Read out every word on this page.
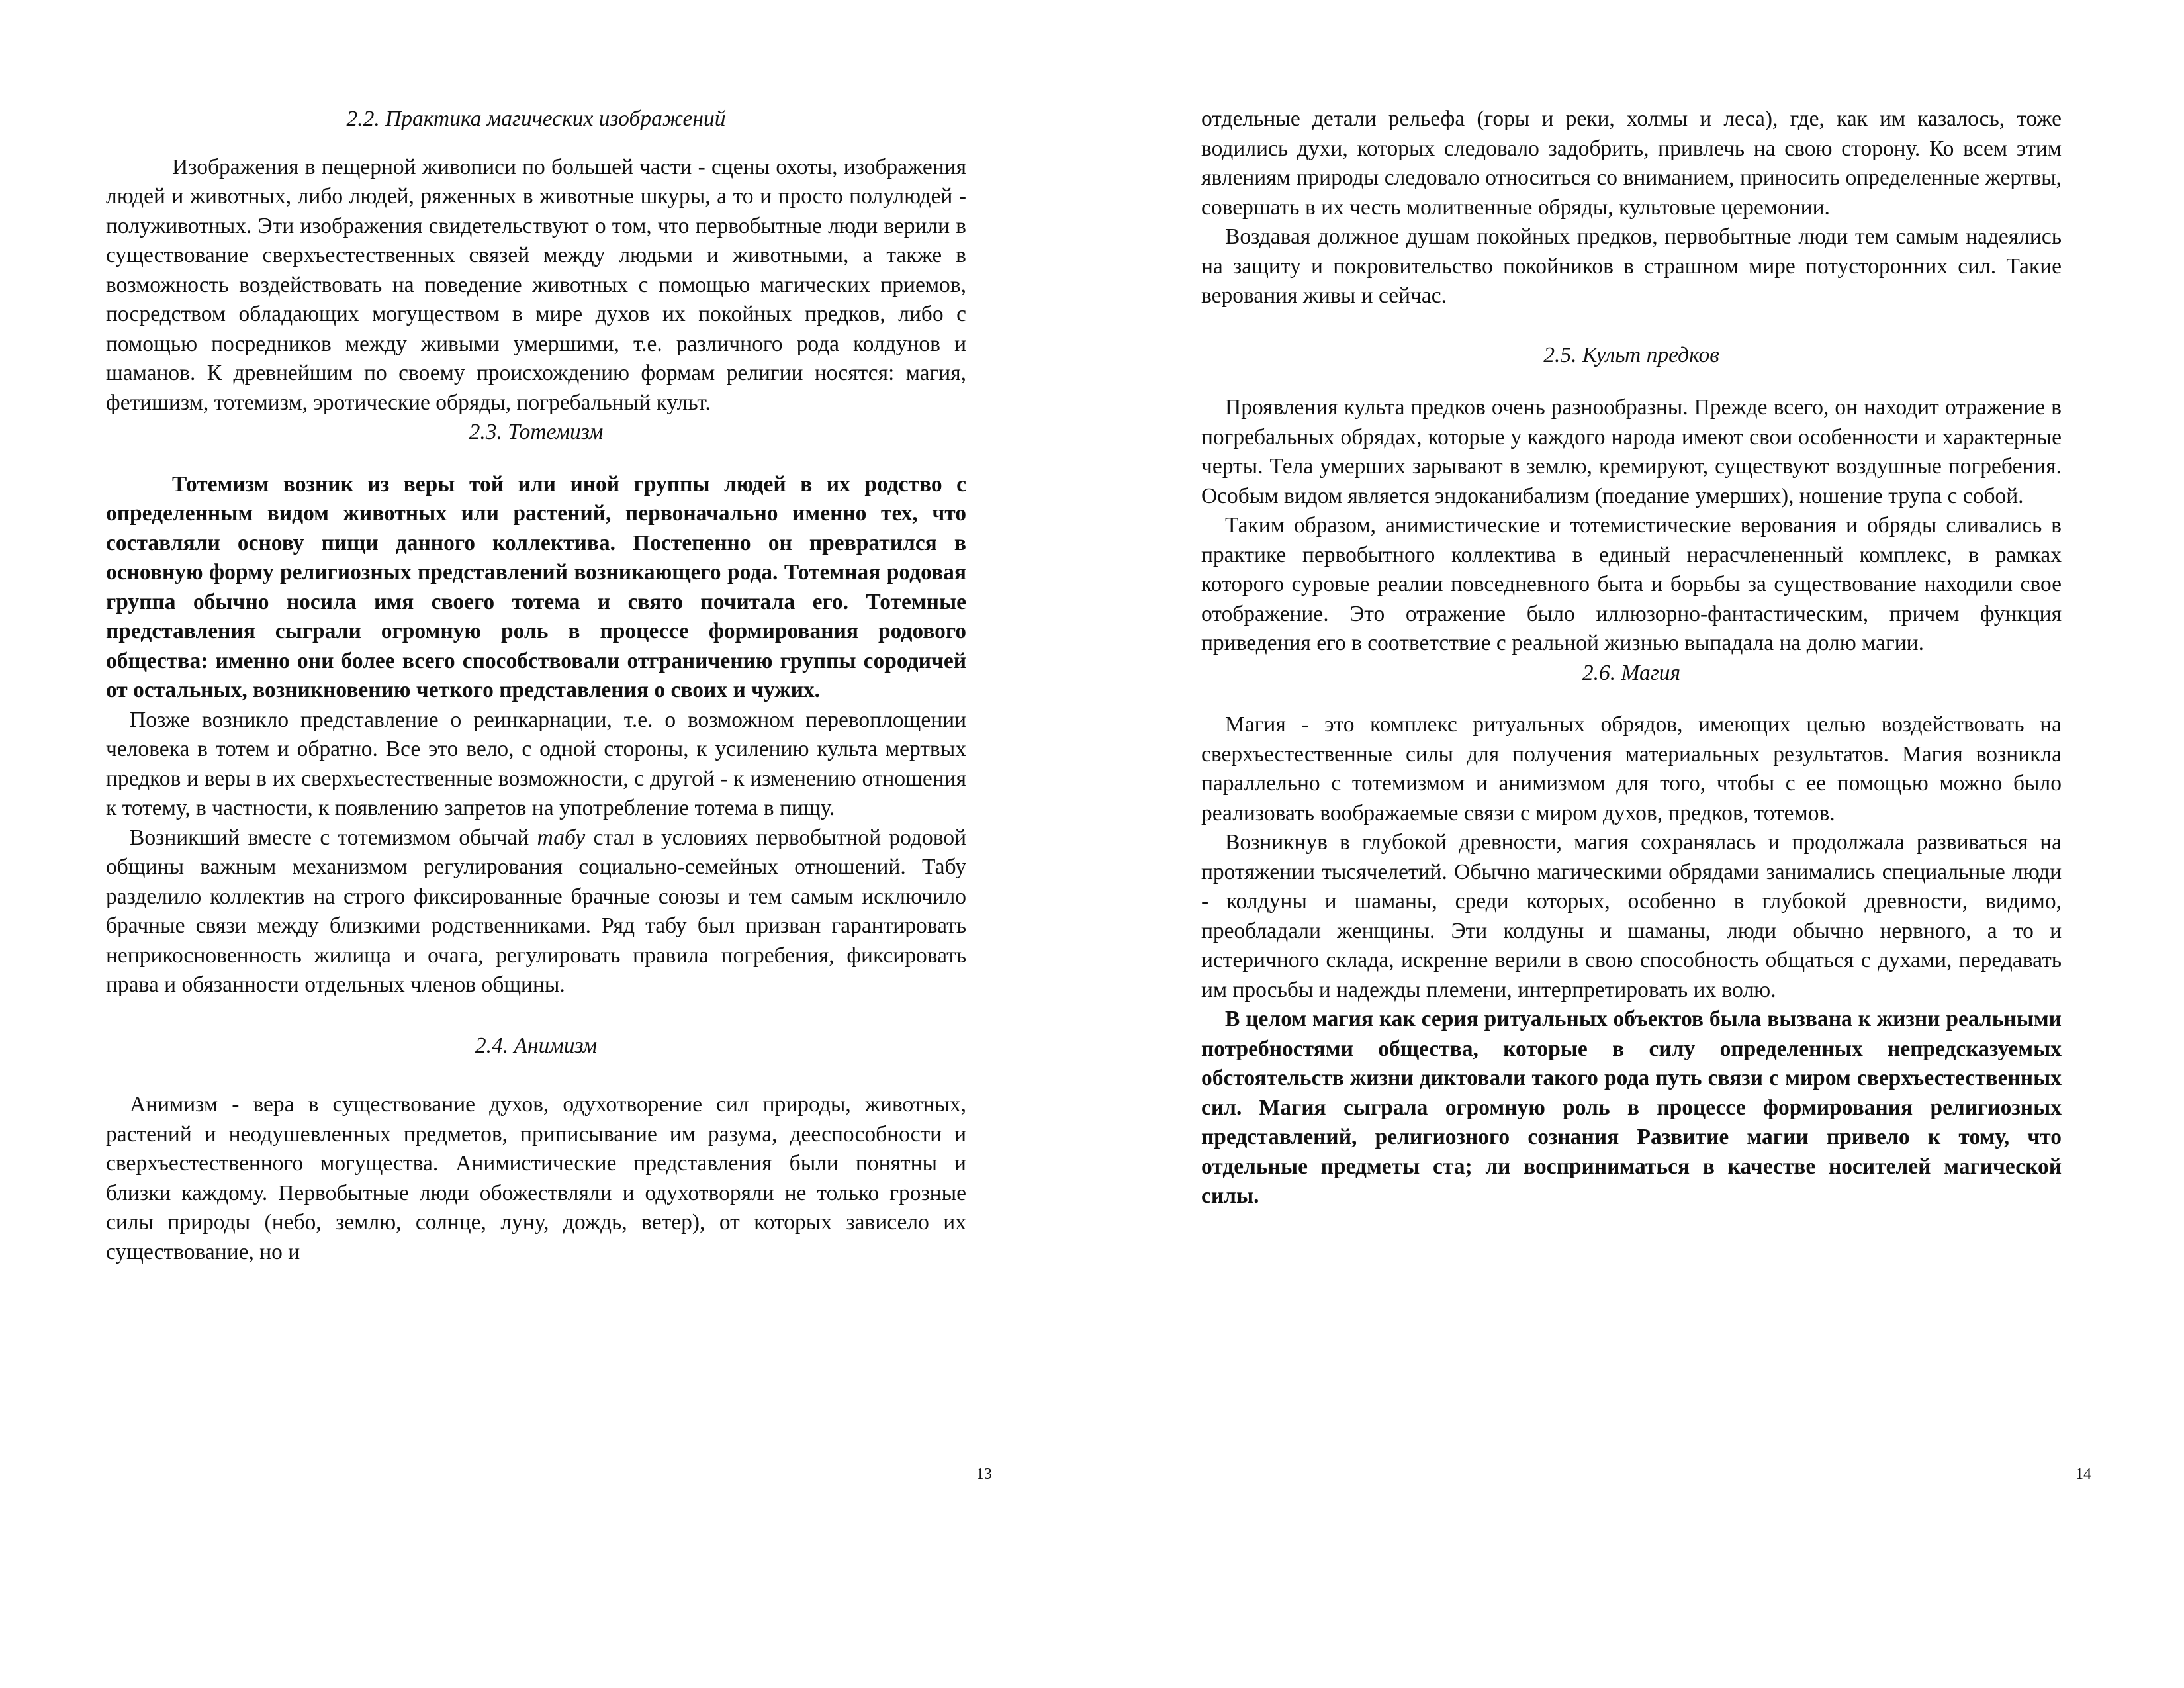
2.2. Практика магических изображений

Изображения в пещерной живописи по большей части - сцены охоты, изображения людей и животных, либо людей, ряженных в животные шкуры, а то и просто полулюдей - полуживотных. Эти изображения свидетельствуют о том, что первобытные люди верили в существование сверхъестественных связей между людьми и животными, а также в возможность воздействовать на поведение животных с помощью магических приемов, посредством обладающих могуществом в мире духов их покойных предков, либо с помощью посредников между живыми умершими, т.е. различного рода колдунов и шаманов. К древнейшим по своему происхождению формам религии носятся: магия, фетишизм, тотемизм, эротические обряды, погребальный культ.

2.3. Тотемизм

Тотемизм возник из веры той или иной группы людей в их родство с определенным видом животных или растений, первоначально именно тех, что составляли основу пищи данного коллектива. Постепенно он превратился в основную форму религиозных представлений возникающего рода. Тотемная родовая группа обычно носила имя своего тотема и свято почитала его. Тотемные представления сыграли огромную роль в процессе формирования родового общества: именно они более всего способствовали отграничению группы сородичей от остальных, возникновению четкого представления о своих и чужих.

Позже возникло представление о реинкарнации, т.е. о возможном перевоплощении человека в тотем и обратно. Все это вело, с одной стороны, к усилению культа мертвых предков и веры в их сверхъестественные возможности, с другой - к изменению отношения к тотему, в частности, к появлению запретов на употребление тотема в пищу.

Возникший вместе с тотемизмом обычай табу стал в условиях первобытной родовой общины важным механизмом регулирования социально-семейных отношений. Табу разделило коллектив на строго фиксированные брачные союзы и тем самым исключило брачные связи между близкими родственниками. Ряд табу был призван гарантировать неприкосновенность жилища и очага, регулировать правила погребения, фиксировать права и обязанности отдельных членов общины.

2.4. Анимизм

Анимизм - вера в существование духов, одухотворение сил природы, животных, растений и неодушевленных предметов, приписывание им разума, дееспособности и сверхъестественного могущества. Анимистические представления были понятны и близки каждому. Первобытные люди обожествляли и одухотворяли не только грозные силы природы (небо, землю, солнце, луну, дождь, ветер), от которых зависело их существование, но и

13

отдельные детали рельефа (горы и реки, холмы и леса), где, как им казалось, тоже водились духи, которых следовало задобрить, привлечь на свою сторону. Ко всем этим явлениям природы следовало относиться со вниманием, приносить определенные жертвы, совершать в их честь молитвенные обряды, культовые церемонии.

Воздавая должное душам покойных предков, первобытные люди тем самым надеялись на защиту и покровительство покойников в страшном мире потусторонних сил. Такие верования живы и сейчас.

2.5. Культ предков

Проявления культа предков очень разнообразны. Прежде всего, он находит отражение в погребальных обрядах, которые у каждого народа имеют свои особенности и характерные черты. Тела умерших зарывают в землю, кремируют, существуют воздушные погребения. Особым видом является эндоканибализм (поедание умерших), ношение трупа с собой.

Таким образом, анимистические и тотемистические верования и обряды сливались в практике первобытного коллектива в единый нерасчлененный комплекс, в рамках которого суровые реалии повседневного быта и борьбы за существование находили свое отображение. Это отражение было иллюзорно-фантастическим, причем функция приведения его в соответствие с реальной жизнью выпадала на долю магии.

2.6. Магия

Магия - это комплекс ритуальных обрядов, имеющих целью воздействовать на сверхъестественные силы для получения материальных результатов. Магия возникла параллельно с тотемизмом и анимизмом для того, чтобы с ее помощью можно было реализовать воображаемые связи с миром духов, предков, тотемов.

Возникнув в глубокой древности, магия сохранялась и продолжала развиваться на протяжении тысячелетий. Обычно магическими обрядами занимались специальные люди - колдуны и шаманы, среди которых, особенно в глубокой древности, видимо, преобладали женщины. Эти колдуны и шаманы, люди обычно нервного, а то и истеричного склада, искренне верили в свою способность общаться с духами, передавать им просьбы и надежды племени, интерпретировать их волю.

В целом магия как серия ритуальных объектов была вызвана к жизни реальными потребностями общества, которые в силу определенных непредсказуемых обстоятельств жизни диктовали такого рода путь связи с миром сверхъестественных сил. Магия сыграла огромную роль в процессе формирования религиозных представлений, религиозного сознания Развитие магии привело к тому, что отдельные предметы ста; ли восприниматься в качестве носителей магической силы.

14
